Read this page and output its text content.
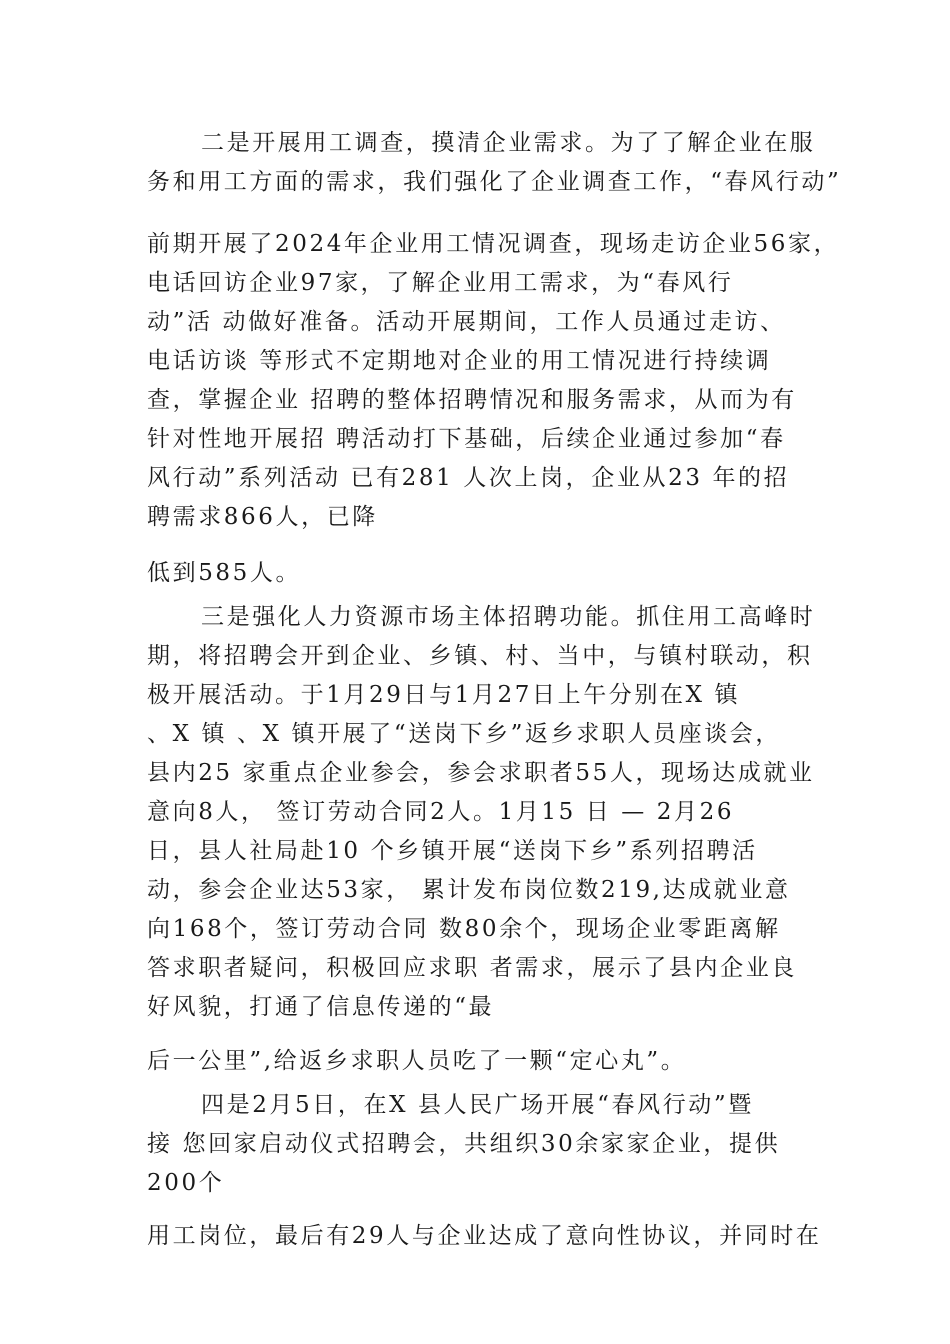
二是开展用工调查，摸清企业需求。为了了解企业在服
务和用工方面的需求，我们强化了企业调查工作，“春风行动”
前期开展了2024年企业用工情况调查，现场走访企业56家，
电话回访企业97家，了解企业用工需求，为“春风行
动”活 动做好准备。活动开展期间，工作人员通过走访、
电话访谈 等形式不定期地对企业的用工情况进行持续调
查，掌握企业 招聘的整体招聘情况和服务需求，从而为有
针对性地开展招 聘活动打下基础，后续企业通过参加“春
风行动”系列活动 已有281 人次上岗，企业从23 年的招
聘需求866人，已降
低到585人。
三是强化人力资源市场主体招聘功能。抓住用工高峰时
期，将招聘会开到企业、乡镇、村、当中，与镇村联动，积
极开展活动。于1月29日与1月27日上午分别在X 镇
、X 镇 、X 镇开展了“送岗下乡”返乡求职人员座谈会，
县内25 家重点企业参会，参会求职者55人，现场达成就业
意向8人， 签订劳动合同2人。1月15 日 — 2月26
日，县人社局赴10 个乡镇开展“送岗下乡”系列招聘活
动，参会企业达53家， 累计发布岗位数219,达成就业意
向168个，签订劳动合同 数80余个，现场企业零距离解
答求职者疑问，积极回应求职 者需求，展示了县内企业良
好风貌，打通了信息传递的“最
后一公里”,给返乡求职人员吃了一颗“定心丸”。
四是2月5日，在X 县人民广场开展“春风行动”暨
接 您回家启动仪式招聘会，共组织30余家家企业，提供
200个
用工岗位，最后有29人与企业达成了意向性协议，并同时在
